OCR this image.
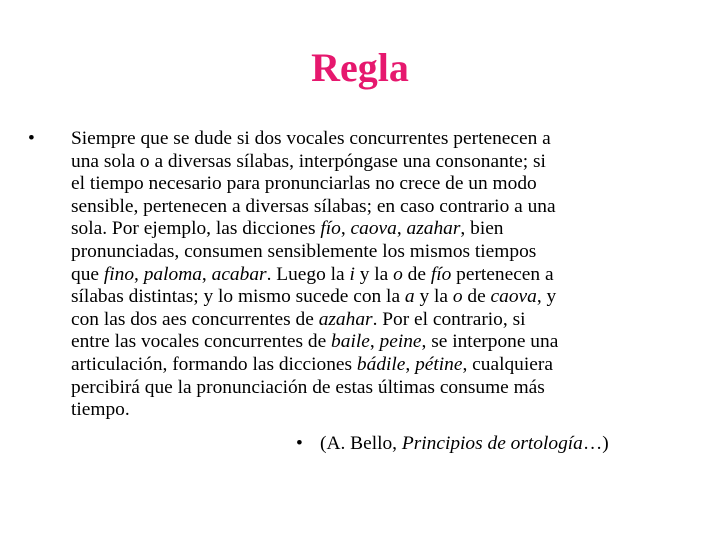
Regla
•	Siempre que se dude si dos vocales concurrentes pertenecen a
una sola o a diversas sílabas, interpóngase una consonante; si
el tiempo necesario para pronunciarlas no crece de un modo
sensible, pertenecen a diversas sílabas; en caso contrario a una
sola. Por ejemplo, las dicciones fío, caova, azahar, bien
pronunciadas, consumen sensiblemente los mismos tiempos
que fino, paloma, acabar. Luego la i y la o de fío pertenecen a
sílabas distintas; y lo mismo sucede con la a y la o de caova, y
con las dos aes concurrentes de azahar. Por el contrario, si
entre las vocales concurrentes de baile, peine, se interpone una
articulación, formando las dicciones bádile, pétine, cualquiera
percibirá que la pronunciación de estas últimas consume más
tiempo.
• (A. Bello, Principios de ortología…)
